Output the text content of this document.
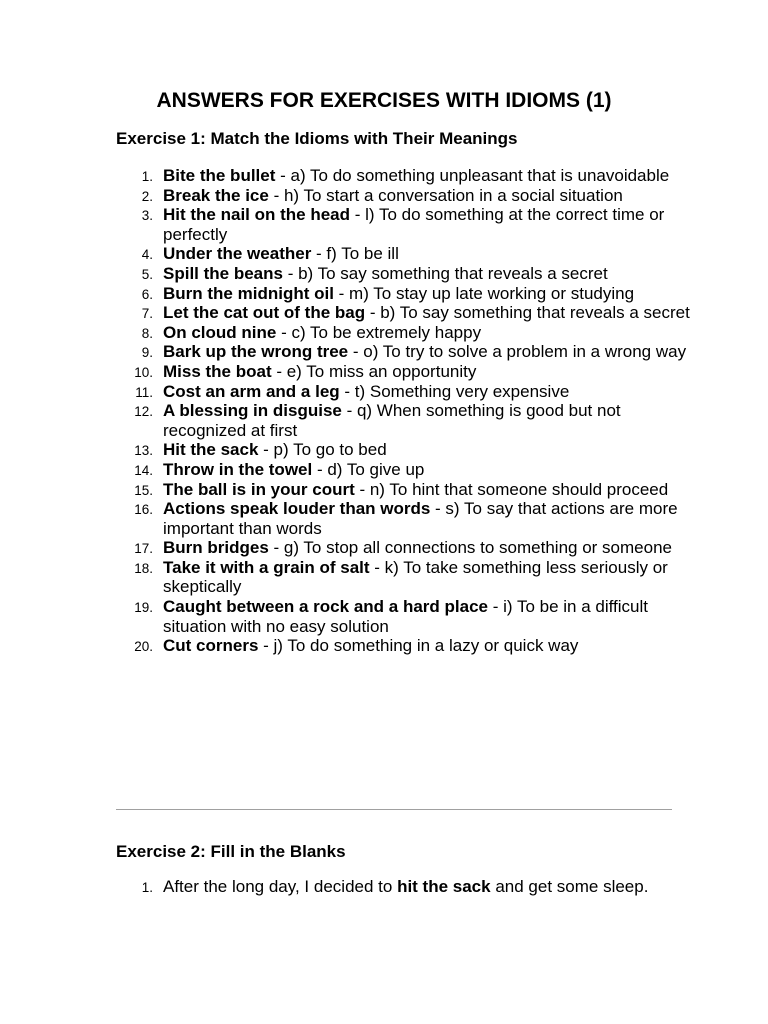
ANSWERS FOR EXERCISES WITH IDIOMS (1)
Exercise 1: Match the Idioms with Their Meanings
1. Bite the bullet - a) To do something unpleasant that is unavoidable
2. Break the ice - h) To start a conversation in a social situation
3. Hit the nail on the head - l) To do something at the correct time or perfectly
4. Under the weather - f) To be ill
5. Spill the beans - b) To say something that reveals a secret
6. Burn the midnight oil - m) To stay up late working or studying
7. Let the cat out of the bag - b) To say something that reveals a secret
8. On cloud nine - c) To be extremely happy
9. Bark up the wrong tree - o) To try to solve a problem in a wrong way
10. Miss the boat - e) To miss an opportunity
11. Cost an arm and a leg - t) Something very expensive
12. A blessing in disguise - q) When something is good but not recognized at first
13. Hit the sack - p) To go to bed
14. Throw in the towel - d) To give up
15. The ball is in your court - n) To hint that someone should proceed
16. Actions speak louder than words - s) To say that actions are more important than words
17. Burn bridges - g) To stop all connections to something or someone
18. Take it with a grain of salt - k) To take something less seriously or skeptically
19. Caught between a rock and a hard place - i) To be in a difficult situation with no easy solution
20. Cut corners - j) To do something in a lazy or quick way
Exercise 2: Fill in the Blanks
1. After the long day, I decided to hit the sack and get some sleep.
